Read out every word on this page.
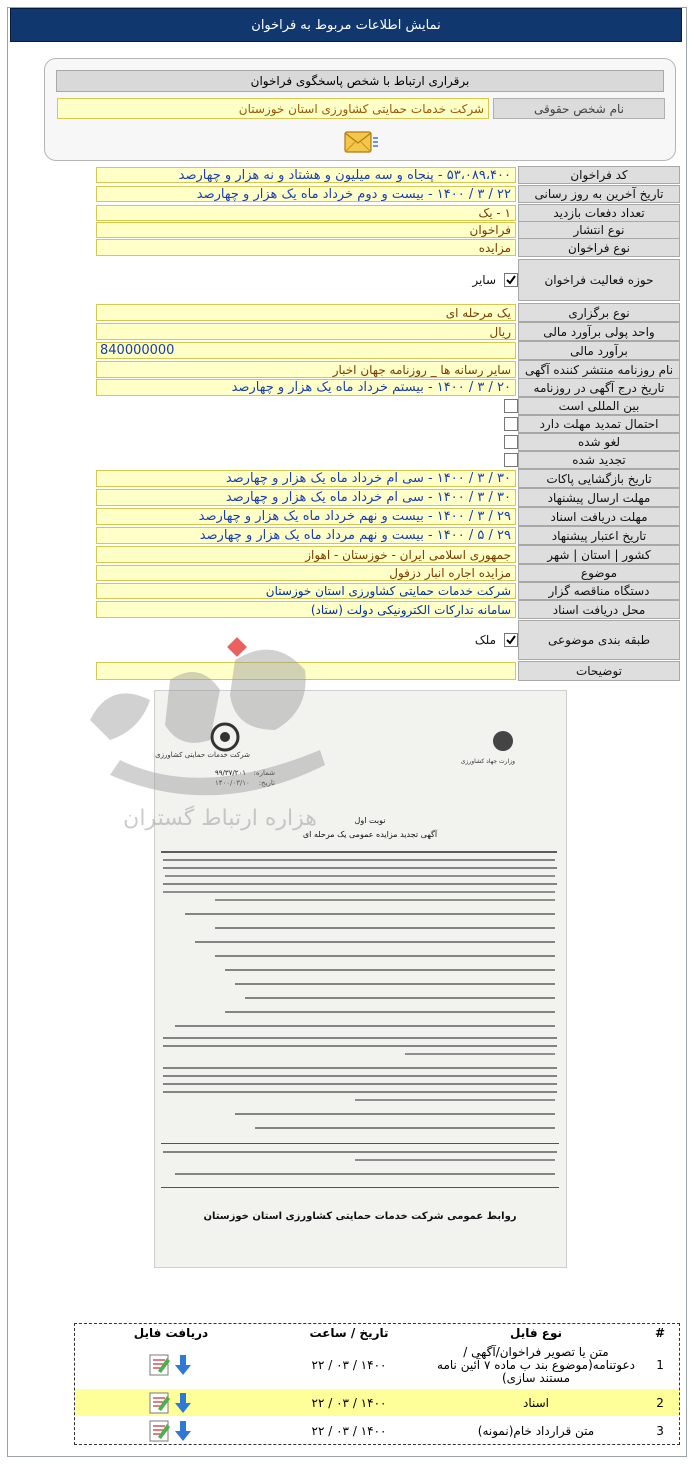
نمایش اطلاعات مربوط به فراخوان
برقراری ارتباط با شخص پاسخگوی فراخوان
نام شخص حقوقی
شرکت خدمات حمایتی کشاورزی استان خوزستان
کد فراخوان
۵۳،۰۸۹،۴۰۰ - پنجاه و سه میلیون و هشتاد و نه هزار و چهارصد
تاریخ آخرین به روز رسانی
۲۲ / ۳ / ۱۴۰۰ - بیست و دوم خرداد ماه یک هزار و چهارصد
تعداد دفعات بازدید
۱ - یک
نوع انتشار
فراخوان
نوع فراخوان
مزایده
حوزه فعالیت فراخوان
سایر
نوع برگزاری
یک مرحله ای
واحد پولی برآورد مالی
ریال
برآورد مالی
840000000
نام روزنامه منتشر کننده آگهی
سایر رسانه ها _ روزنامه جهان اخبار
تاریخ درج آگهی در روزنامه
۲۰ / ۳ / ۱۴۰۰ - بیستم خرداد ماه یک هزار و چهارصد
بین المللی است
احتمال تمدید مهلت دارد
لغو شده
تجدید شده
تاریخ بازگشایی پاکات
۳۰ / ۳ / ۱۴۰۰ - سی ام خرداد ماه یک هزار و چهارصد
مهلت ارسال پیشنهاد
۳۰ / ۳ / ۱۴۰۰ - سی ام خرداد ماه یک هزار و چهارصد
مهلت دریافت اسناد
۲۹ / ۳ / ۱۴۰۰ - بیست و نهم خرداد ماه یک هزار و چهارصد
تاریخ اعتبار پیشنهاد
۲۹ / ۵ / ۱۴۰۰ - بیست و نهم مرداد ماه یک هزار و چهارصد
کشور | استان | شهر
جمهوری اسلامی ایران - خوزستان - اهواز
موضوع
مزایده اجاره انبار دزفول
دستگاه مناقصه گزار
شرکت خدمات حمایتی کشاورزی استان خوزستان
محل دریافت اسناد
سامانه تدارکات الکترونیکی دولت (ستاد)
طبقه بندی موضوعی
ملک
توضیحات
شرکت خدمات حمایتی کشاورزی
وزارت جهاد کشاورزی
شماره:
۹۹/۳۷/۲۰۱
تاریخ:
۱۴۰۰/۰۳/۱۰
نوبت اول
آگهی تجدید مزایده عمومی یک مرحله ای
روابط عمومی شرکت خدمات حمایتی کشاورزی استان خوزستان
هزاره ارتباط گستران
#
نوع فایل
تاریخ / ساعت
دریافت فایل
1
متن یا تصویر فراخوان/آگهی /دعوتنامه(موضوع بند ب ماده ۷ آئین نامه مستند سازی)
۱۴۰۰ / ۰۳ / ۲۲
2
اسناد
۱۴۰۰ / ۰۳ / ۲۲
3
متن قرارداد خام(نمونه)
۱۴۰۰ / ۰۳ / ۲۲
